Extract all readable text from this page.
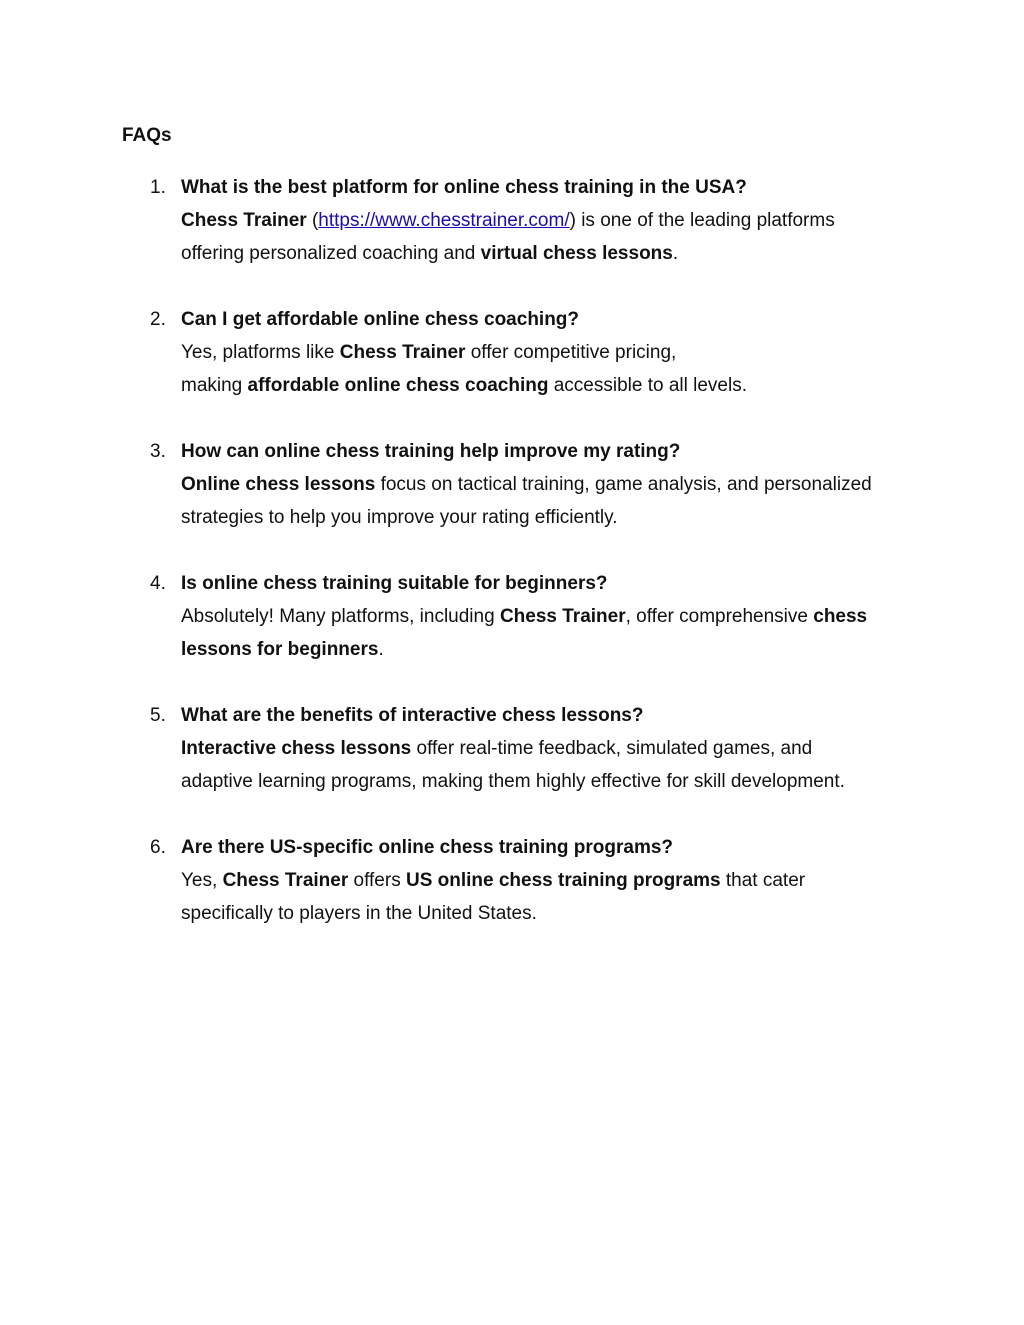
FAQs
1. What is the best platform for online chess training in the USA?
Chess Trainer (https://www.chesstrainer.com/) is one of the leading platforms offering personalized coaching and virtual chess lessons.
2. Can I get affordable online chess coaching?
Yes, platforms like Chess Trainer offer competitive pricing,
making affordable online chess coaching accessible to all levels.
3. How can online chess training help improve my rating?
Online chess lessons focus on tactical training, game analysis, and personalized strategies to help you improve your rating efficiently.
4. Is online chess training suitable for beginners?
Absolutely! Many platforms, including Chess Trainer, offer comprehensive chess lessons for beginners.
5. What are the benefits of interactive chess lessons?
Interactive chess lessons offer real-time feedback, simulated games, and adaptive learning programs, making them highly effective for skill development.
6. Are there US-specific online chess training programs?
Yes, Chess Trainer offers US online chess training programs that cater specifically to players in the United States.
